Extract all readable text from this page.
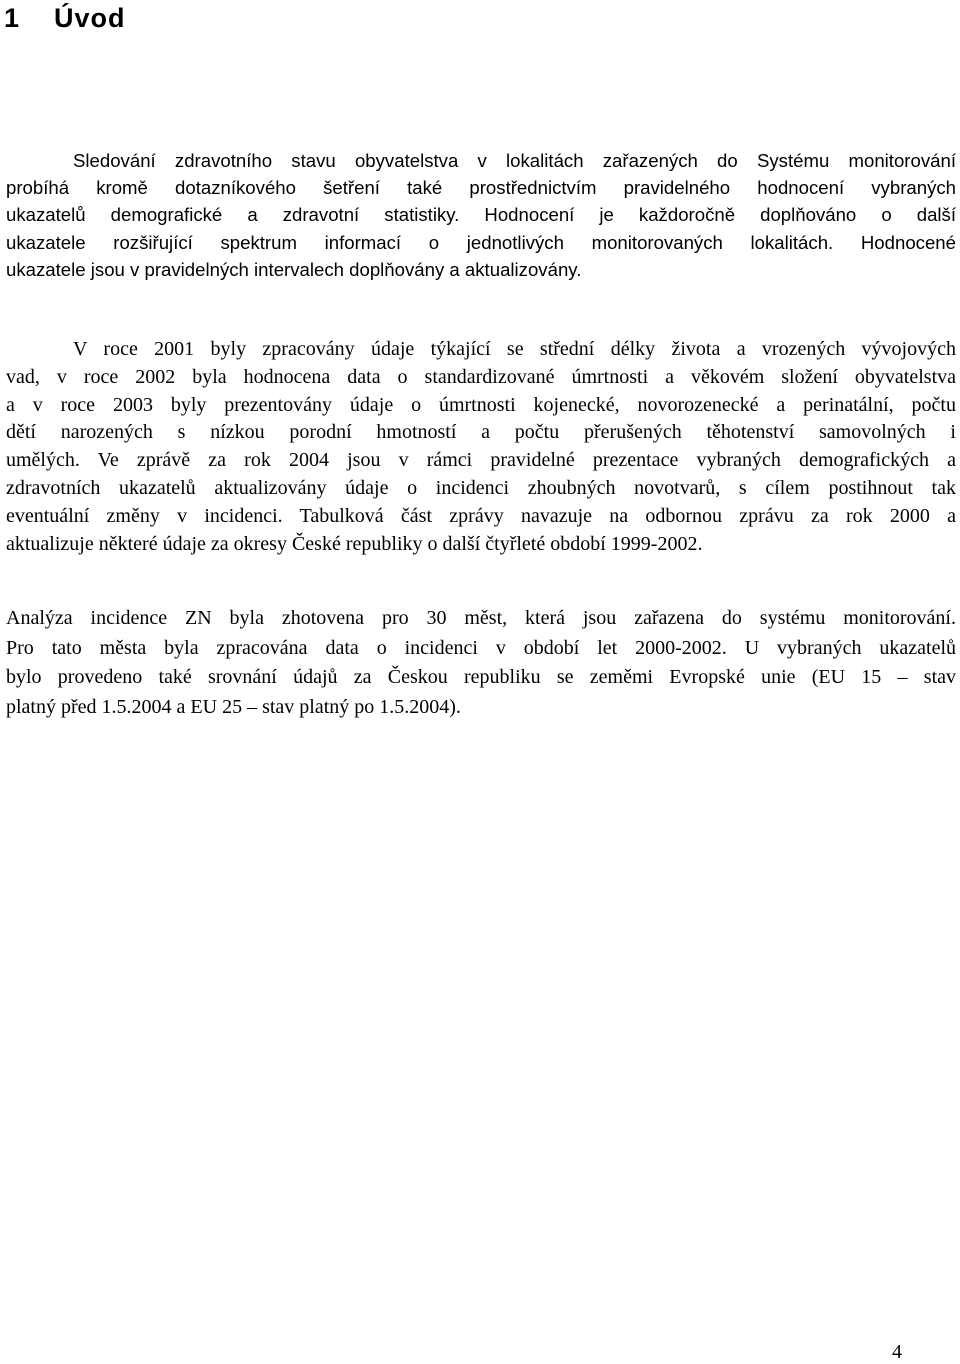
1 Úvod
Sledování zdravotního stavu obyvatelstva v lokalitách zařazených do Systému monitorování
probíhá kromě dotazníkového šetření také prostřednictvím pravidelného hodnocení vybraných
ukazatelů demografické a zdravotní statistiky. Hodnocení je každoročně doplňováno o další
ukazatele rozšiřující spektrum informací o jednotlivých monitorovaných lokalitách. Hodnocené
ukazatele jsou v pravidelných intervalech doplňovány a aktualizovány.
V roce 2001 byly zpracovány údaje týkající se střední délky života a vrozených vývojových
vad, v roce 2002 byla hodnocena data o standardizované úmrtnosti a věkovém složení obyvatelstva
a v roce 2003 byly prezentovány údaje o úmrtnosti kojenecké, novorozenecké a perinatální, počtu
dětí narozených s nízkou porodní hmotností a počtu přerušených těhotenství samovolných i
umělých. Ve zprávě za rok 2004 jsou v rámci pravidelné prezentace vybraných demografických a
zdravotních ukazatelů aktualizovány údaje o incidenci zhoubných novotvarů, s cílem postihnout tak
eventuální změny v incidenci. Tabulková část zprávy navazuje na odbornou zprávu za rok 2000 a
aktualizuje některé údaje za okresy České republiky o další čtyřleté období 1999-2002.
Analýza incidence ZN byla zhotovena pro 30 měst, která jsou zařazena do systému monitorování.
Pro tato města byla zpracována data o incidenci v období let 2000-2002. U vybraných ukazatelů
bylo provedeno také srovnání údajů za Českou republiku se zeměmi Evropské unie (EU 15 – stav
platný před 1.5.2004 a EU 25 – stav platný po 1.5.2004).
4
